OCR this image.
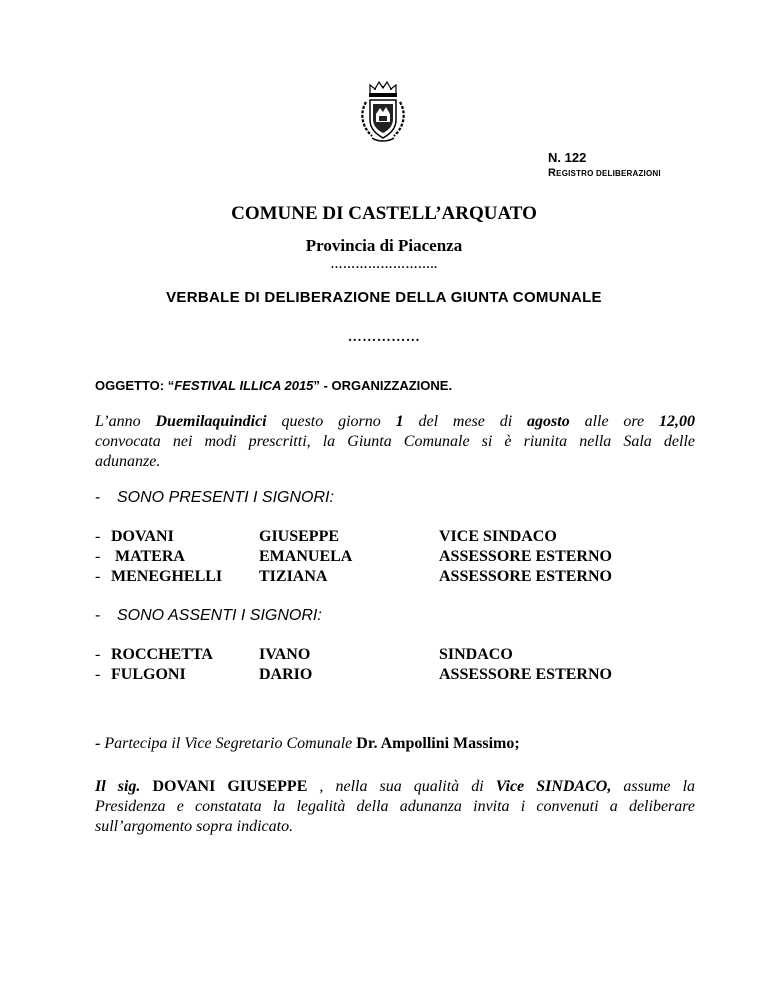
N. 122
REGISTRO DELIBERAZIONI
COMUNE DI CASTELL’ARQUATO
Provincia di Piacenza
……………………..
VERBALE DI DELIBERAZIONE DELLA GIUNTA COMUNALE
……………
OGGETTO: “FESTIVAL ILLICA 2015” - ORGANIZZAZIONE.
L’anno Duemilaquindici questo giorno 1 del mese di agosto alle ore 12,00
convocata nei modi prescritti, la Giunta Comunale si è riunita nella Sala delle
adunanze.
- SONO PRESENTI I SIGNORI:
- DOVANI	GIUSEPPE	VICE SINDACO
- MATERA	EMANUELA	ASSESSORE ESTERNO
- MENEGHELLI TIZIANA	ASSESSORE ESTERNO
- SONO ASSENTI I SIGNORI:
- ROCCHETTA	IVANO	SINDACO
- FULGONI	DARIO	ASSESSORE ESTERNO
- Partecipa il Vice Segretario Comunale Dr. Ampollini Massimo;
Il sig. DOVANI GIUSEPPE , nella sua qualità di Vice SINDACO, assume la
Presidenza e constatata la legalità della adunanza invita i convenuti a deliberare
sull’argomento sopra indicato.
